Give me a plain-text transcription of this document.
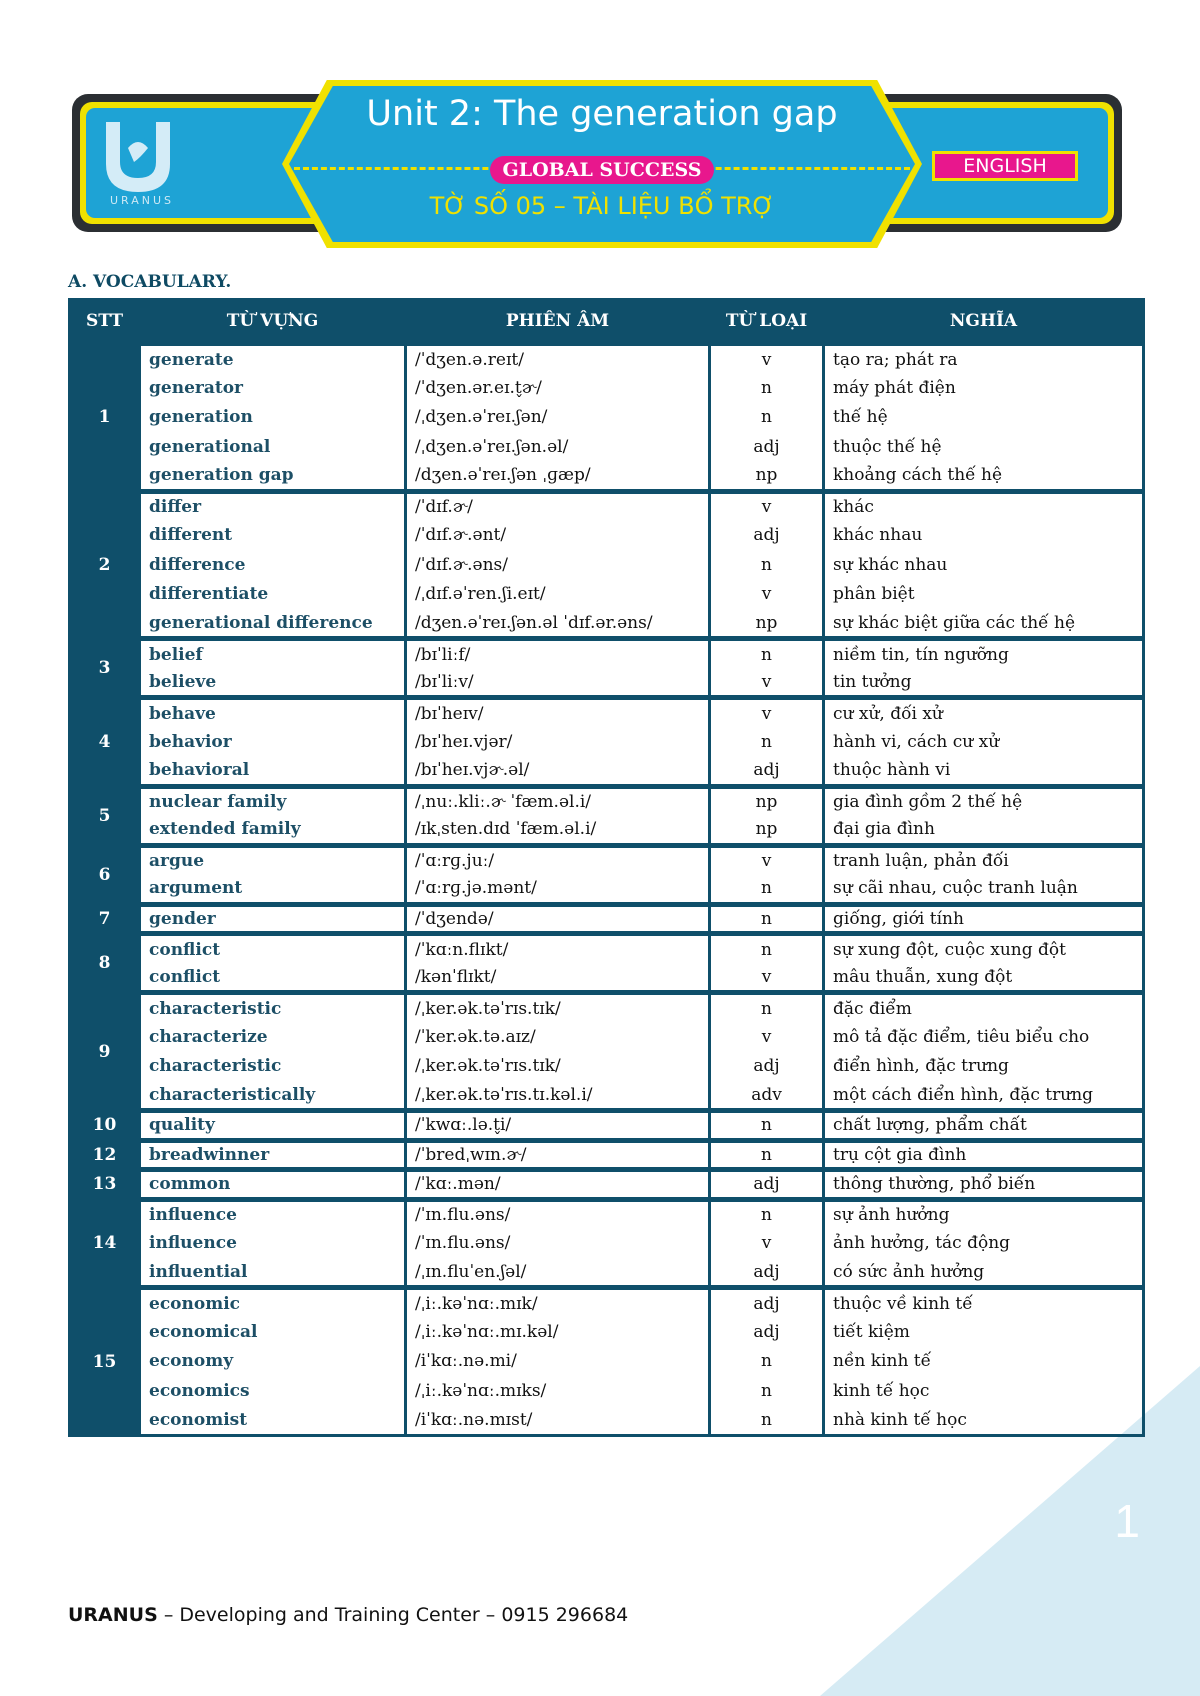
1
URANUS
Unit 2: The generation gap
GLOBAL SUCCESS
TỜ SỐ 05 – TÀI LIỆU BỔ TRỢ
ENGLISH
A. VOCABULARY.
STT	TỪ VỰNG	PHIÊN ÂM	TỪ LOẠI	NGHĨA
1	generate	/ˈdʒen.ə.reɪt/	v	tạo ra; phát ra
	generator	/ˈdʒen.ər.eɪ.t̬ɚ/	n	máy phát điện
	generation	/ˌdʒen.əˈreɪ.ʃən/	n	thế hệ
	generational	/ˌdʒen.əˈreɪ.ʃən.əl/	adj	thuộc thế hệ
	generation gap	/dʒen.əˈreɪ.ʃən ˌɡæp/	np	khoảng cách thế hệ
2	differ	/ˈdɪf.ɚ/	v	khác
	different	/ˈdɪf.ɚ.ənt/	adj	khác nhau
	difference	/ˈdɪf.ɚ.əns/	n	sự khác nhau
	differentiate	/ˌdɪf.əˈren.ʃi.eɪt/	v	phân biệt
	generational difference	/dʒen.əˈreɪ.ʃən.əl ˈdɪf.ər.əns/	np	sự khác biệt giữa các thế hệ
3	belief	/bɪˈliːf/	n	niềm tin, tín ngưỡng
	believe	/bɪˈliːv/	v	tin tưởng
4	behave	/bɪˈheɪv/	v	cư xử, đối xử
	behavior	/bɪˈheɪ.vjər/	n	hành vi, cách cư xử
	behavioral	/bɪˈheɪ.vjɚ.əl/	adj	thuộc hành vi
5	nuclear family	/ˌnuː.kliː.ɚ ˈfæm.əl.i/	np	gia đình gồm 2 thế hệ
	extended family	/ɪkˌsten.dɪd ˈfæm.əl.i/	np	đại gia đình
6	argue	/ˈɑːrɡ.juː/	v	tranh luận, phản đối
	argument	/ˈɑːrɡ.jə.mənt/	n	sự cãi nhau, cuộc tranh luận
7	gender	/ˈdʒendə/	n	giống, giới tính
8	conflict	/ˈkɑːn.flɪkt/	n	sự xung đột, cuộc xung đột
	conflict	/kənˈflɪkt/	v	mâu thuẫn, xung đột
9	characteristic	/ˌker.ək.təˈrɪs.tɪk/	n	đặc điểm
	characterize	/ˈker.ək.tə.aɪz/	v	mô tả đặc điểm, tiêu biểu cho
	characteristic	/ˌker.ək.təˈrɪs.tɪk/	adj	điển hình, đặc trưng
	characteristically	/ˌker.ək.təˈrɪs.tɪ.kəl.i/	adv	một cách điển hình, đặc trưng
10	quality	/ˈkwɑː.lə.t̬i/	n	chất lượng, phẩm chất
12	breadwinner	/ˈbredˌwɪn.ɚ/	n	trụ cột gia đình
13	common	/ˈkɑː.mən/	adj	thông thường, phổ biến
14	influence	/ˈɪn.flu.əns/	n	sự ảnh hưởng
	influence	/ˈɪn.flu.əns/	v	ảnh hưởng, tác động
	influential	/ˌɪn.fluˈen.ʃəl/	adj	có sức ảnh hưởng
15	economic	/ˌiː.kəˈnɑː.mɪk/	adj	thuộc về kinh tế
	economical	/ˌiː.kəˈnɑː.mɪ.kəl/	adj	tiết kiệm
	economy	/iˈkɑː.nə.mi/	n	nền kinh tế
	economics	/ˌiː.kəˈnɑː.mɪks/	n	kinh tế học
	economist	/iˈkɑː.nə.mɪst/	n	nhà kinh tế học
URANUS – Developing and Training Center – 0915 296684
